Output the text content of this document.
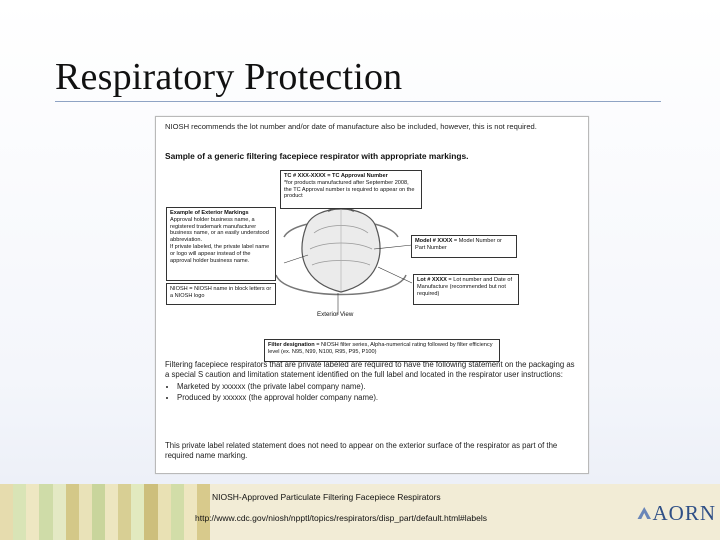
Respiratory Protection
NIOSH recommends the lot number and/or date of manufacture also be included, however, this is not required.
Sample of a generic filtering facepiece respirator with appropriate markings.
TC # XXX-XXXX = TC Approval Number
*for products manufactured after September 2008, the TC Approval number is required to appear on the product
Example of Exterior Markings
Approval holder business name, a registered trademark manufacturer business name, or an easily understood abbreviation.
If private labeled, the private label name or logo will appear instead of the approval holder business name.
NIOSH = NIOSH name in block letters or a NIOSH logo
Model # XXXX = Model Number or Part Number
Lot # XXXX = Lot number and Date of Manufacture (recommended but not required)
Exterior View
Filter designation = NIOSH filter series, Alpha-numerical rating followed by filter efficiency level (ex. N95, N99, N100, R95, P95, P100)
Filtering facepiece respirators that are private labeled are required to have the following statement on the packaging as a special S caution and limitation statement identified on the full label and located in the respirator user instructions:
• Marketed by xxxxxx (the private label company name).
• Produced by xxxxxx (the approval holder company name).
This private label related statement does not need to appear on the exterior surface of the respirator as part of the required name marking.
NIOSH-Approved Particulate Filtering Facepiece Respirators
http://www.cdc.gov/niosh/npptl/topics/respirators/disp_part/default.html#labels	AORN
